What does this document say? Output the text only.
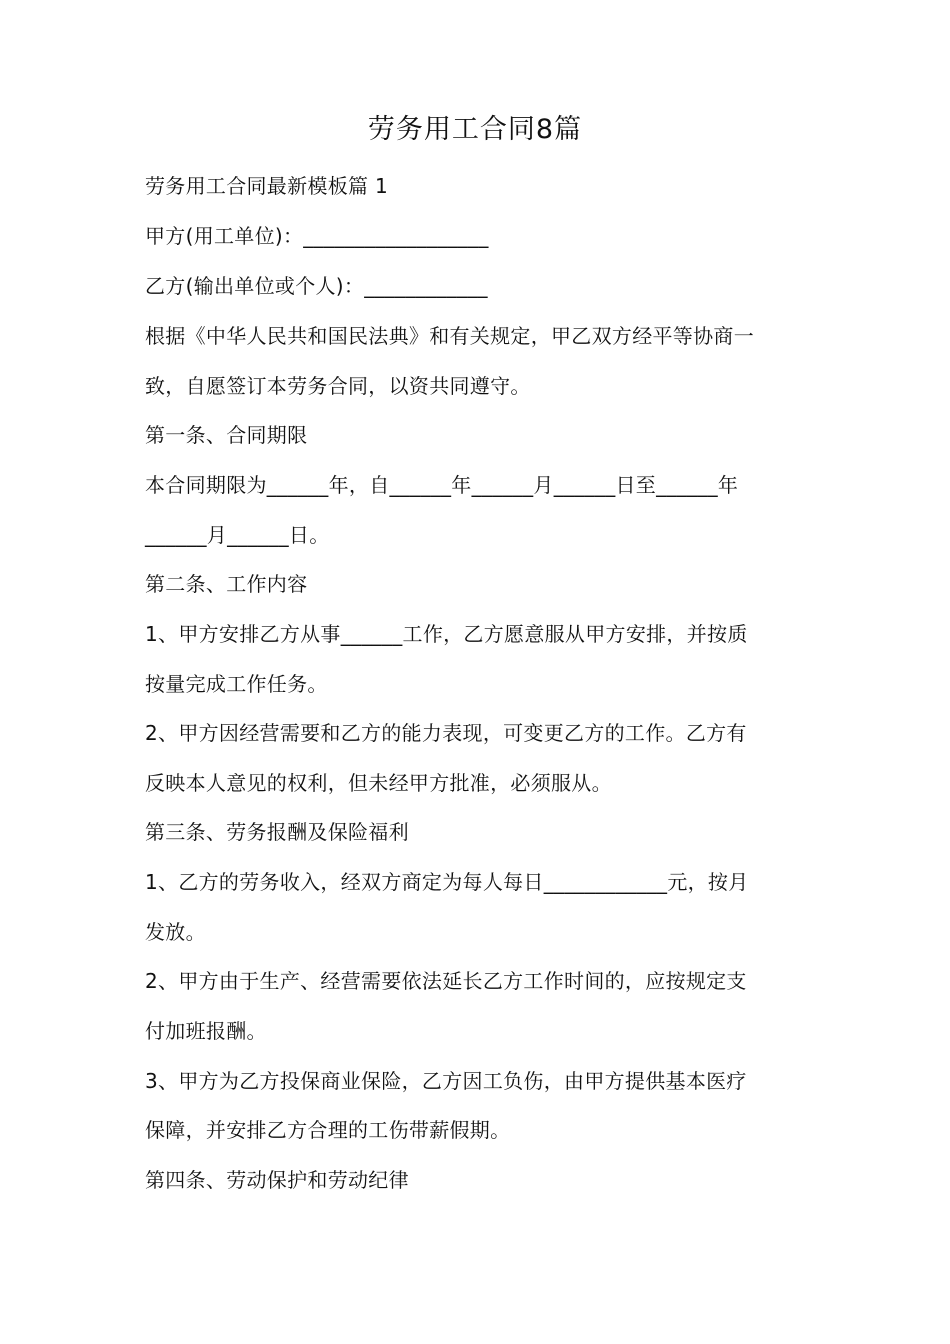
劳务用工合同8篇
劳务用工合同最新模板篇 1
甲方(用工单位)：__________________
乙方(输出单位或个人)：____________
根据《中华人民共和国民法典》和有关规定，甲乙双方经平等协商一
致，自愿签订本劳务合同，以资共同遵守。
第一条、合同期限
本合同期限为______年，自______年______月______日至______年
______月______日。
第二条、工作内容
1、甲方安排乙方从事______工作，乙方愿意服从甲方安排，并按质
按量完成工作任务。
2、甲方因经营需要和乙方的能力表现，可变更乙方的工作。乙方有
反映本人意见的权利，但未经甲方批准，必须服从。
第三条、劳务报酬及保险福利
1、乙方的劳务收入，经双方商定为每人每日____________元，按月
发放。
2、甲方由于生产、经营需要依法延长乙方工作时间的，应按规定支
付加班报酬。
3、甲方为乙方投保商业保险，乙方因工负伤，由甲方提供基本医疗
保障，并安排乙方合理的工伤带薪假期。
第四条、劳动保护和劳动纪律
